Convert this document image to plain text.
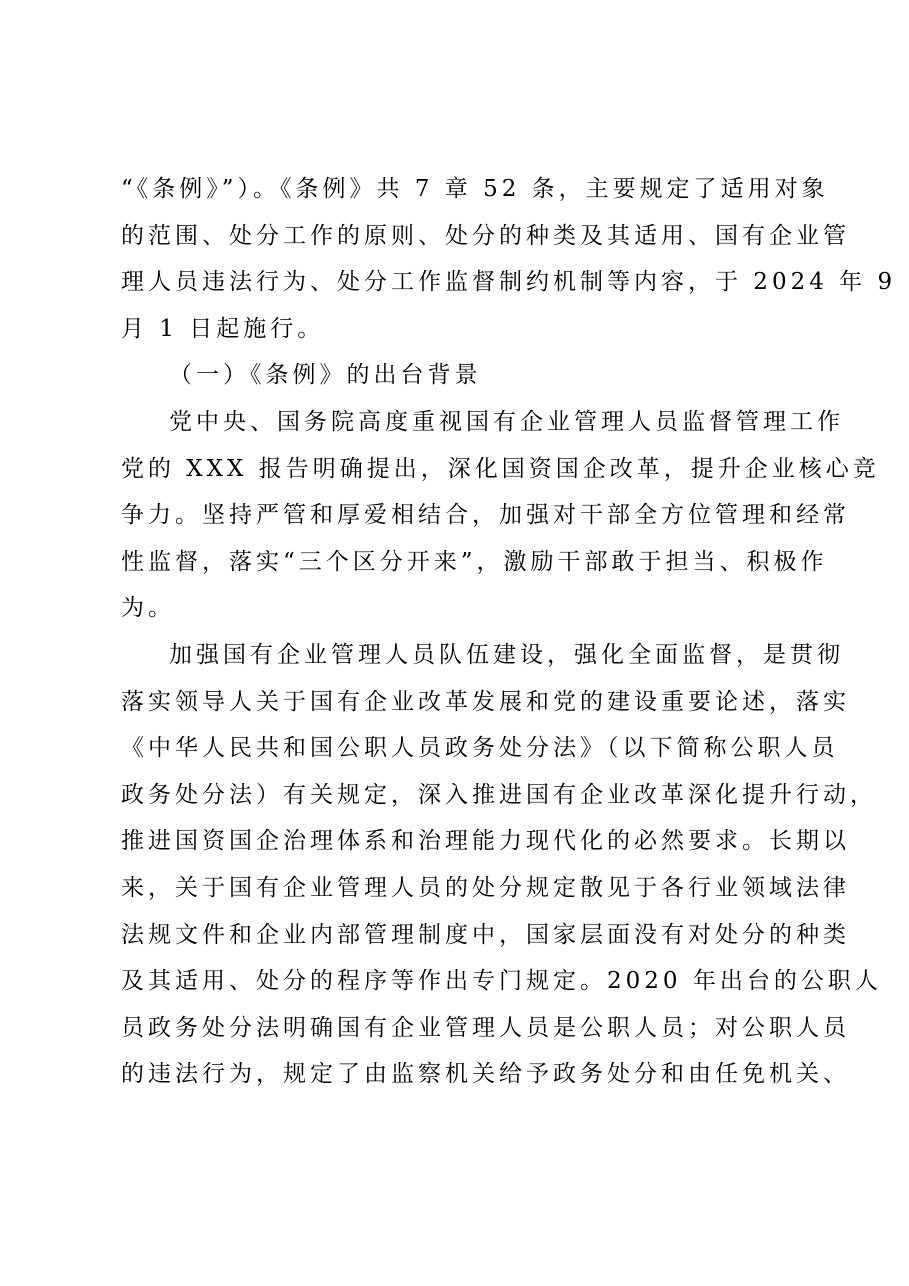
“《条例》”）。《条例》共 7 章 52 条，主要规定了适用对象
的范围、处分工作的原则、处分的种类及其适用、国有企业管
理人员违法行为、处分工作监督制约机制等内容，于 2024 年 9
月 1 日起施行。
（一）《条例》的出台背景
党中央、国务院高度重视国有企业管理人员监督管理工作
党的 XXX 报告明确提出，深化国资国企改革，提升企业核心竞
争力。坚持严管和厚爱相结合，加强对干部全方位管理和经常
性监督，落实“三个区分开来”，激励干部敢于担当、积极作
为。
加强国有企业管理人员队伍建设，强化全面监督，是贯彻
落实领导人关于国有企业改革发展和党的建设重要论述，落实
《中华人民共和国公职人员政务处分法》（以下简称公职人员
政务处分法）有关规定，深入推进国有企业改革深化提升行动，
推进国资国企治理体系和治理能力现代化的必然要求。长期以
来，关于国有企业管理人员的处分规定散见于各行业领域法律
法规文件和企业内部管理制度中，国家层面没有对处分的种类
及其适用、处分的程序等作出专门规定。2020 年出台的公职人
员政务处分法明确国有企业管理人员是公职人员；对公职人员
的违法行为，规定了由监察机关给予政务处分和由任免机关、
